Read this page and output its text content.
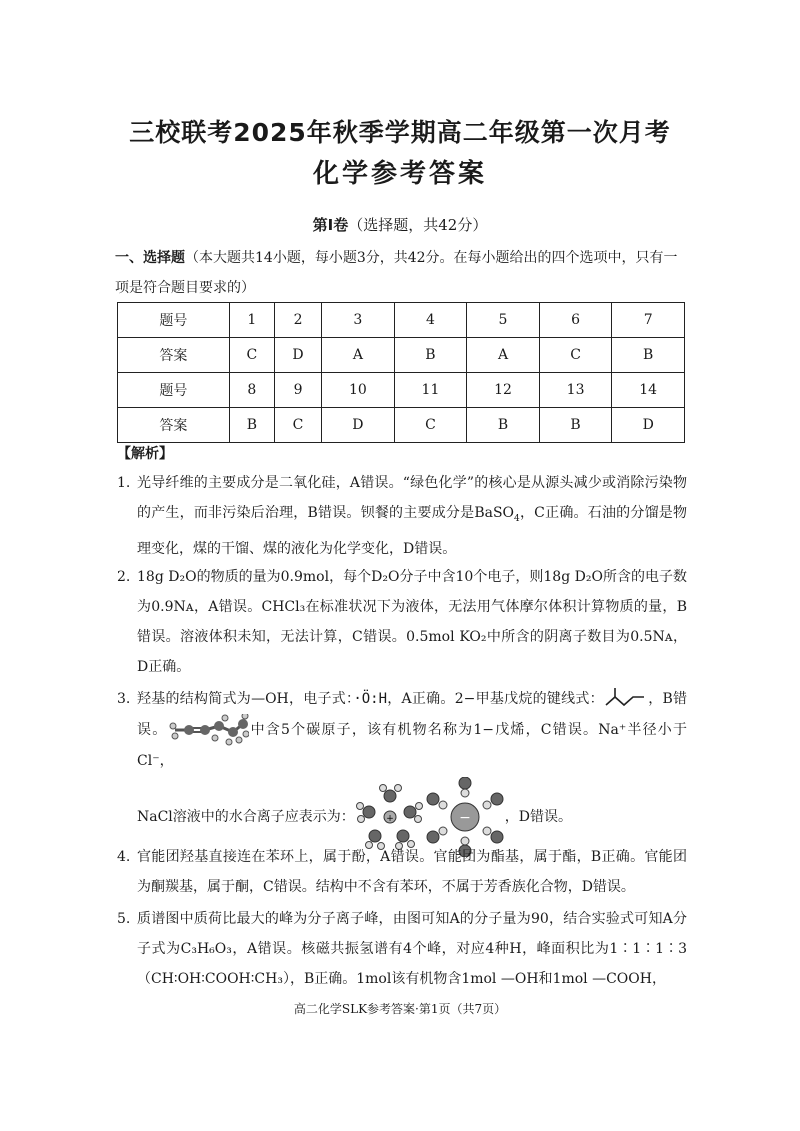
三校联考2025年秋季学期高二年级第一次月考
化学参考答案
第Ⅰ卷（选择题，共42分）
一、选择题（本大题共14小题，每小题3分，共42分。在每小题给出的四个选项中，只有一项是符合题目要求的）
题号	1	2	3	4	5	6	7
答案	C	D	A	B	A	C	B
题号	8	9	10	11	12	13	14
答案	B	C	D	C	B	B	D
【解析】
1. 光导纤维的主要成分是二氧化硅，A错误。“绿色化学”的核心是从源头减少或消除污染物的产生，而非污染后治理，B错误。钡餐的主要成分是BaSO$_4$，C正确。石油的分馏是物理变化，煤的干馏、煤的液化为化学变化，D错误。
2. 18g D₂O的物质的量为0.9mol，每个D₂O分子中含10个电子，则18g D₂O所含的电子数为0.9Nᴀ，A错误。CHCl₃在标准状况下为液体，无法用气体摩尔体积计算物质的量，B错误。溶液体积未知，无法计算，C错误。0.5mol KO₂中所含的阴离子数目为0.5Nᴀ，D正确。
3. 羟基的结构简式为—OH，电子式：·Ö:H，A正确。2−甲基戊烷的键线式：	，B错误。	中含5个碳原子，该有机物名称为1−戊烯，C错误。Na⁺半径小于Cl⁻，

NaCl溶液中的水合离子应表示为：	+	− ，D错误。
4. 官能团羟基直接连在苯环上，属于酚，A错误。官能团为酯基，属于酯，B正确。官能团为酮羰基，属于酮，C错误。结构中不含有苯环，不属于芳香族化合物，D错误。
5. 质谱图中质荷比最大的峰为分子离子峰，由图可知A的分子量为90，结合实验式可知A分子式为C₃H₆O₃，A错误。核磁共振氢谱有4个峰，对应4种H，峰面积比为1∶1∶1∶3（CH∶OH∶COOH∶CH₃），B正确。1mol该有机物含1mol —OH和1mol —COOH，
高二化学SLK参考答案·第1页（共7页）
